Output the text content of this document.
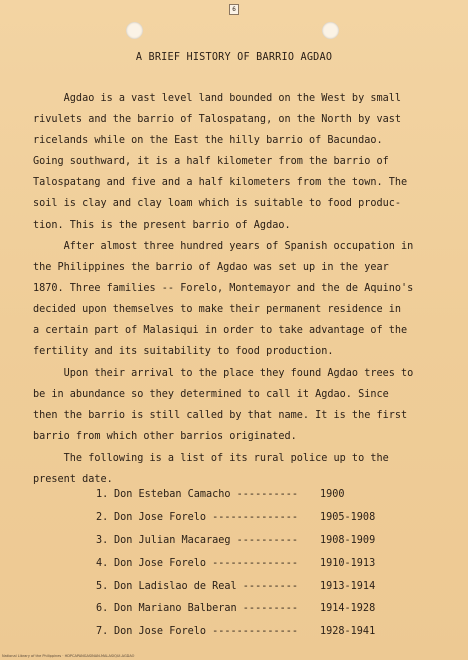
6
A BRIEF HISTORY OF BARRIO AGDAO

Agdao is a vast level land bounded on the West by small
rivulets and the barrio of Talospatang, on the North by vast
ricelands while on the East the hilly barrio of Bacundao.
Going southward, it is a half kilometer from the barrio of
Talospatang and five and a half kilometers from the town. The
soil is clay and clay loam which is suitable to food produc-
tion. This is the present barrio of Agdao.

After almost three hundred years of Spanish occupation in
the Philippines the barrio of Agdao was set up in the year
1870. Three families -- Forelo, Montemayor and the de Aquino's
decided upon themselves to make their permanent residence in
a certain part of Malasiqui in order to take advantage of the
fertility and its suitability to food production.

Upon their arrival to the place they found Agdao trees to
be in abundance so they determined to call it Agdao. Since
then the barrio is still called by that name. It is the first
barrio from which other barrios originated.

The following is a list of its rural police up to the
present date.

1. Don Esteban Camacho ----------	1900
2. Don Jose Forelo --------------	1905-1908
3. Don Julian Macaraeg ----------	1908-1909
4. Don Jose Forelo --------------	1910-1913
5. Don Ladislao de Real ---------	1913-1914
6. Don Mariano Balberan ---------	1914-1928
7. Don Jose Forelo --------------	1928-1941
National Library of the Philippines · HDPCAPANGASINAN-MALASIQUI-AGDAO
